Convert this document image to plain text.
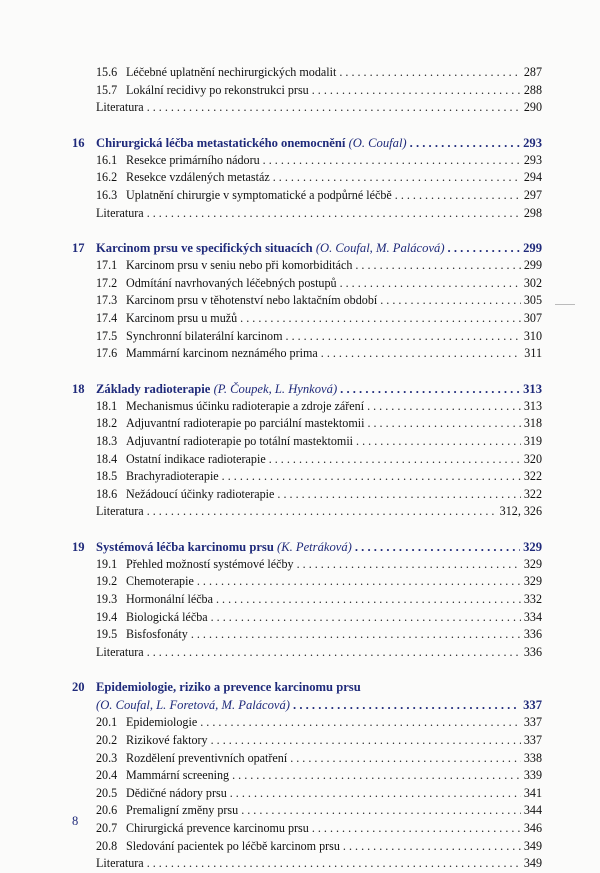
15.6 Léčebné uplatnění nechirurgických modalit . . .	287
15.7 Lokální recidivy po rekonstrukci prsu . . .	288
Literatura . . .	290
16 Chirurgická léčba metastatického onemocnění
(O. Coufal) . . .	293
16.1 Resekce primárního nádoru . . .	293
16.2 Resekce vzdálených metastáz . . .	294
16.3 Uplatnění chirurgie v symptomatické a podpůrné léčbě . . .	297
Literatura . . .	298
17 Karcinom prsu ve specifických situacích
(O. Coufal, M. Palácová) . . .	299
17.1 Karcinom prsu v seniu nebo při komorbiditách . . .	299
17.2 Odmítání navrhovaných léčebných postupů . . .	302
17.3 Karcinom prsu v těhotenství nebo laktačním období . . .	305
17.4 Karcinom prsu u mužů . . .	307
17.5 Synchronní bilaterální karcinom . . .	310
17.6 Mammární karcinom neznámého prima . . .	311
18 Základy radioterapie
(P. Čoupek, L. Hynková) . . .	313
18.1 Mechanismus účinku radioterapie a zdroje záření . . .	313
18.2 Adjuvantní radioterapie po parciální mastektomii . . .	318
18.3 Adjuvantní radioterapie po totální mastektomii . . .	319
18.4 Ostatní indikace radioterapie . . .	320
18.5 Brachyradioterapie . . .	322
18.6 Nežádoucí účinky radioterapie . . .	322
Literatura . . .	312, 326
19 Systémová léčba karcinomu prsu
(K. Petráková) . . .	329
19.1 Přehled možností systémové léčby . . .	329
19.2 Chemoterapie . . .	329
19.3 Hormonální léčba . . .	332
19.4 Biologická léčba . . .	334
19.5 Bisfosfonáty . . .	336
Literatura . . .	336
20 Epidemiologie, riziko a prevence karcinomu prsu
(O. Coufal, L. Foretová, M. Palácová) . . .	337
20.1 Epidemiologie . . .	337
20.2 Rizikové faktory . . .	337
20.3 Rozdělení preventivních opatření . . .	338
20.4 Mammární screening . . .	339
20.5 Dědičné nádory prsu . . .	341
20.6 Premaligní změny prsu . . .	344
20.7 Chirurgická prevence karcinomu prsu . . .	346
20.8 Sledování pacientek po léčbě karcinom prsu . . .	349
Literatura . . .	349
8
